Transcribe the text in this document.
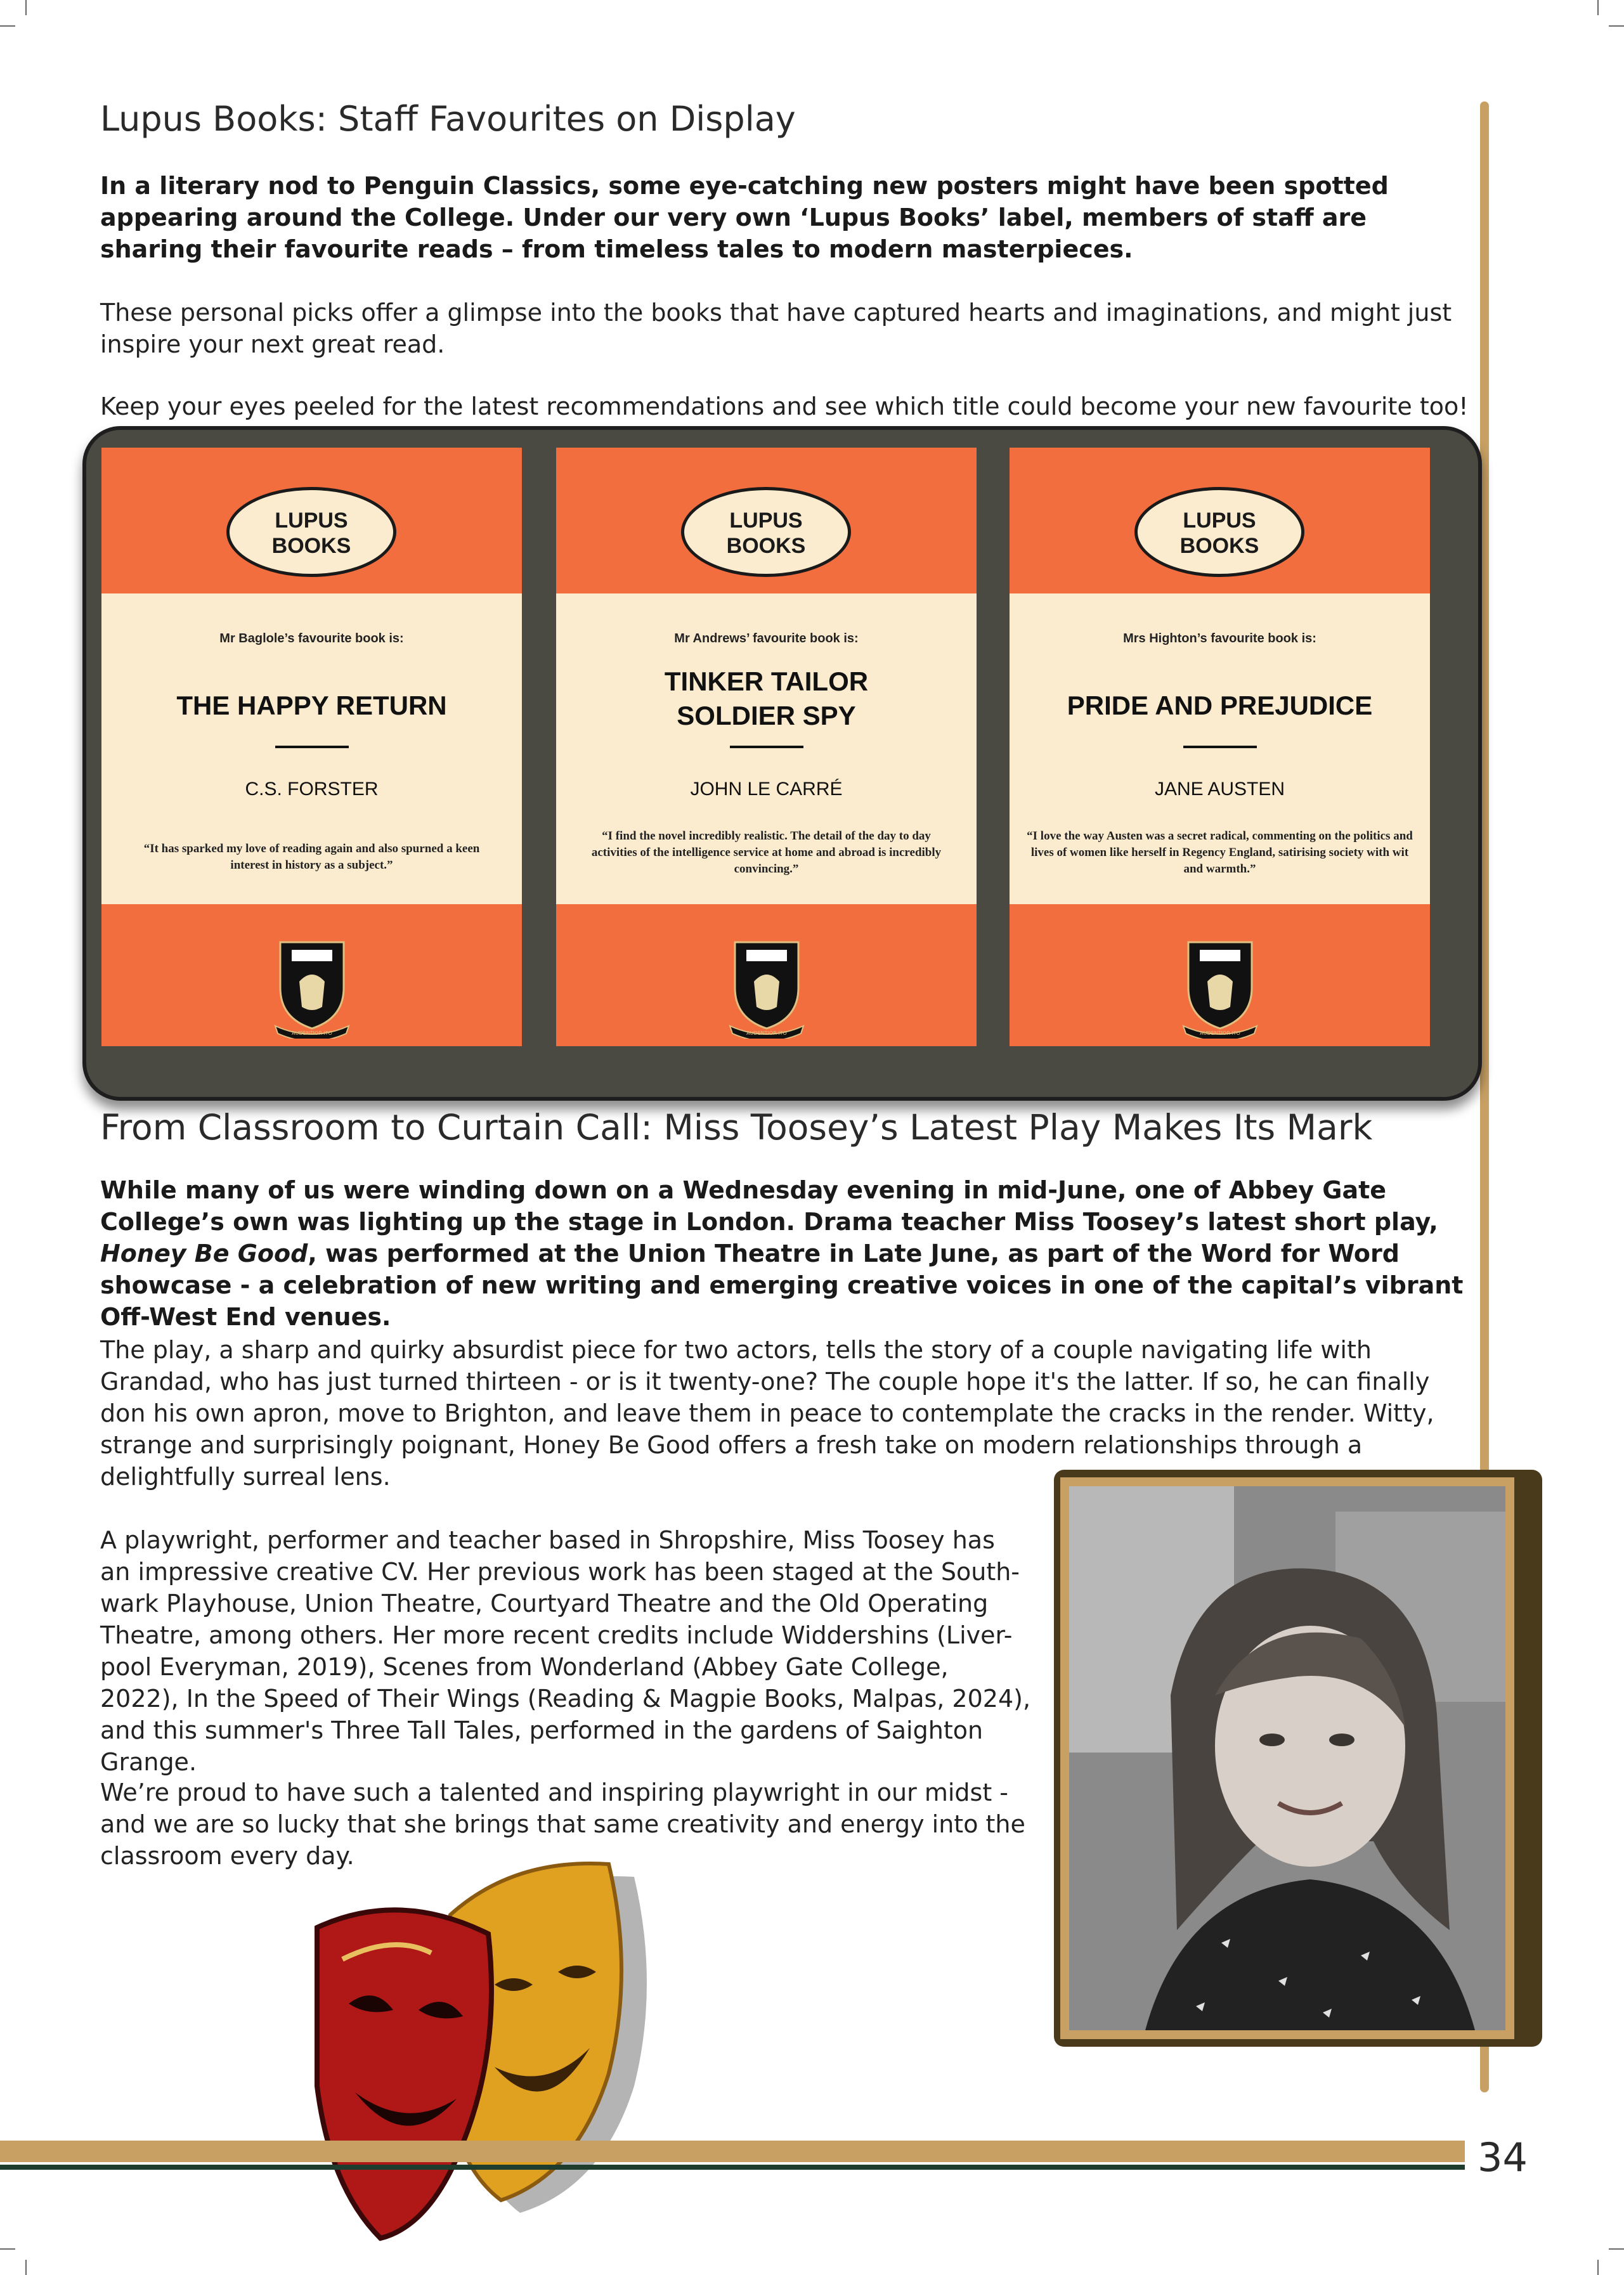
Lupus Books: Staff Favourites on Display

In a literary nod to Penguin Classics, some eye-catching new posters might have been spotted appearing around the College. Under our very own ‘Lupus Books’ label, members of staff are sharing their favourite reads – from timeless tales to modern masterpieces.

These personal picks offer a glimpse into the books that have captured hearts and imaginations, and might just inspire your next great read.

Keep your eyes peeled for the latest recommendations and see which title could become your new favourite too!

LUPUS
BOOKS
Mr Baglole’s favourite book is:
THE HAPPY RETURN
C.S. FORSTER
“It has sparked my love of reading again and also spurned a keen interest in history as a subject.”
AUDENTIOR ITO
LUPUS
BOOKS
Mr Andrews’ favourite book is:
TINKER TAILOR SOLDIER SPY
JOHN LE CARRÉ
“I find the novel incredibly realistic. The detail of the day to day activities of the intelligence service at home and abroad is incredibly convincing.”
AUDENTIOR ITO
LUPUS
BOOKS
Mrs Highton’s favourite book is:
PRIDE AND PREJUDICE
JANE AUSTEN
“I love the way Austen was a secret radical, commenting on the politics and lives of women like herself in Regency England, satirising society with wit and warmth.”
AUDENTIOR ITO
From Classroom to Curtain Call: Miss Toosey’s Latest Play Makes Its Mark

While many of us were winding down on a Wednesday evening in mid-June, one of Abbey Gate College’s own was lighting up the stage in London. Drama teacher Miss Toosey’s latest short play, Honey Be Good, was performed at the Union Theatre in Late June, as part of the Word for Word showcase - a celebration of new writing and emerging creative voices in one of the capital’s vibrant Off-West End venues.

The play, a sharp and quirky absurdist piece for two actors, tells the story of a couple navigating life with Grandad, who has just turned thirteen - or is it twenty-one? The couple hope it's the latter. If so, he can finally don his own apron, move to Brighton, and leave them in peace to contemplate the cracks in the render. Witty, strange and surprisingly poignant, Honey Be Good offers a fresh take on modern relationships through a delightfully surreal lens.

A playwright, performer and teacher based in Shropshire, Miss Toosey has an impressive creative CV. Her previous work has been staged at the South-wark Playhouse, Union Theatre, Courtyard Theatre and the Old Operating Theatre, among others. Her more recent credits include Widdershins (Liver-pool Everyman, 2019), Scenes from Wonderland (Abbey Gate College, 2022), In the Speed of Their Wings (Reading & Magpie Books, Malpas, 2024), and this summer's Three Tall Tales, performed in the gardens of Saighton Grange.

We’re proud to have such a talented and inspiring playwright in our midst - and we are so lucky that she brings that same creativity and energy into the classroom every day.

34
